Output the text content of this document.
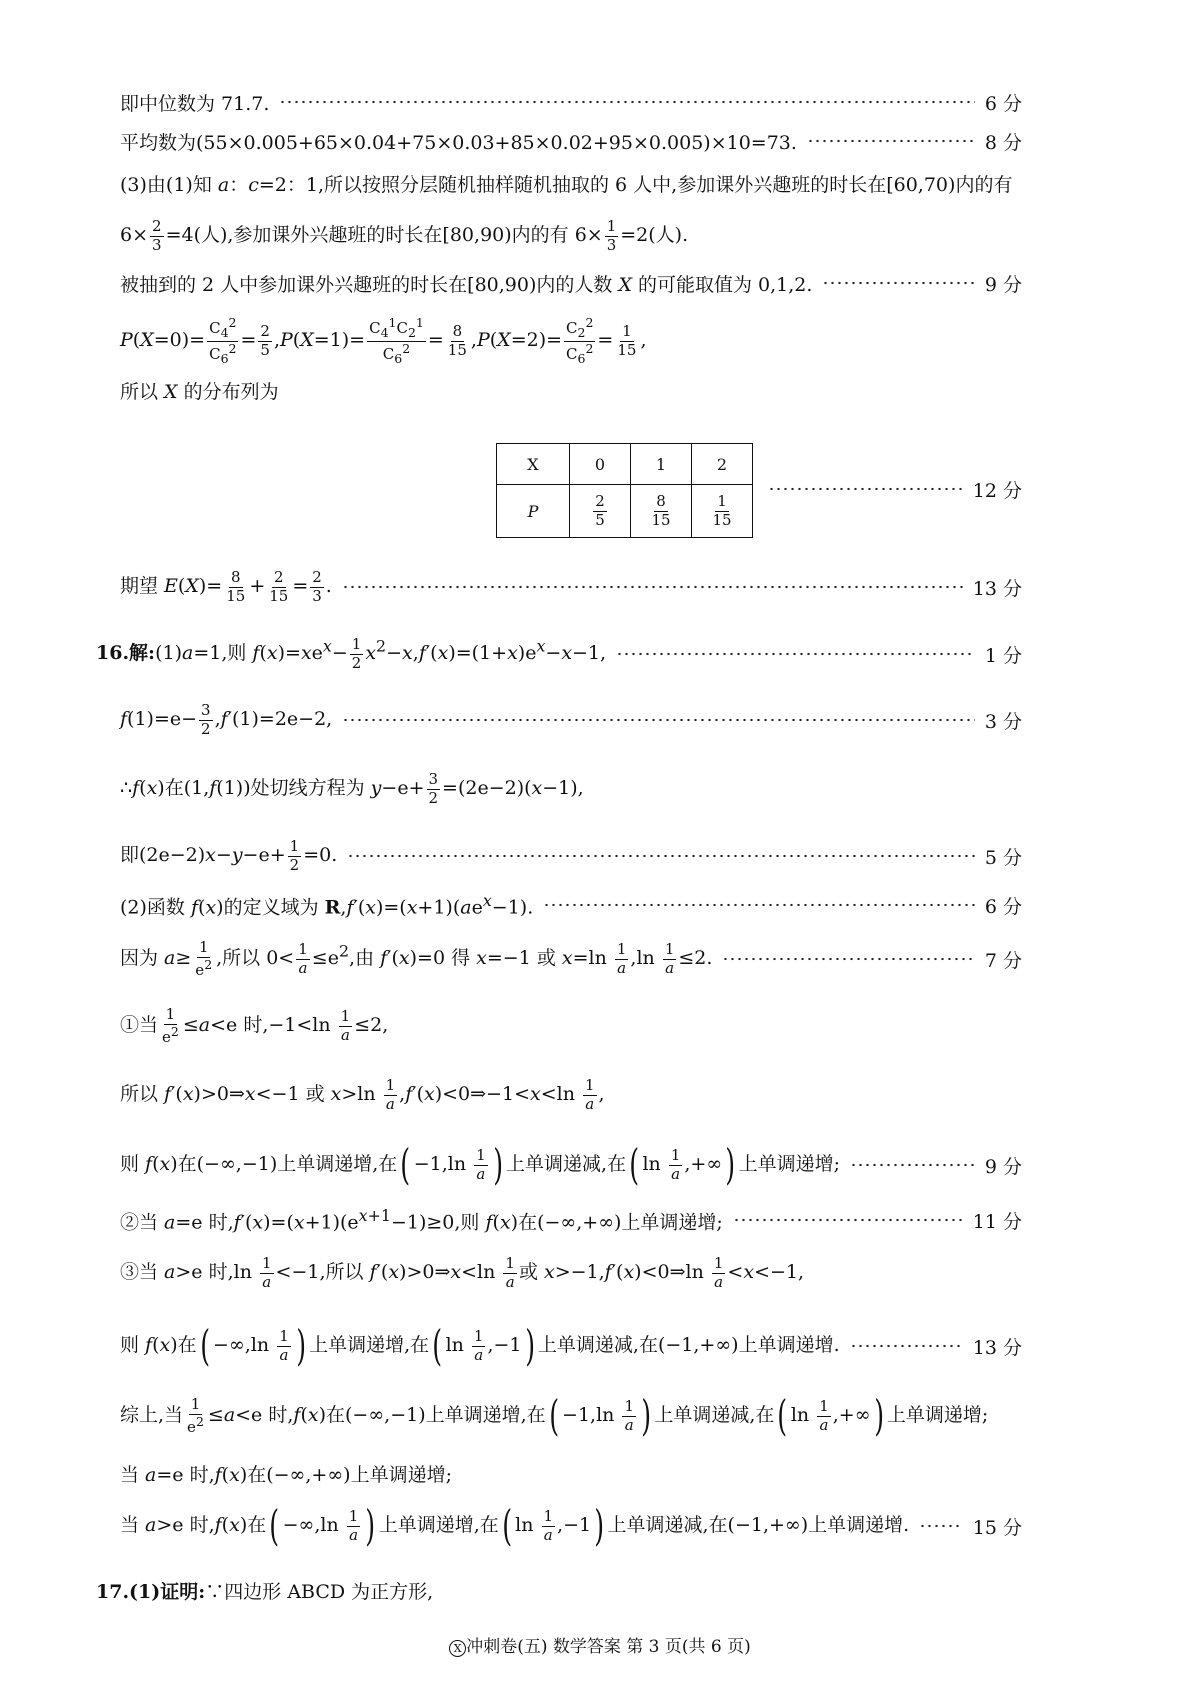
即中位数为 71.7.	6 分
平均数为(55×0.005+65×0.04+75×0.03+85×0.02+95×0.005)×10=73.	8 分
(3)由(1)知 a：c=2：1,所以按照分层随机抽样随机抽取的 6 人中,参加课外兴趣班的时长在[60,70)内的有
$6\times \frac{2}{3} =4$(人),参加课外兴趣班的时长在[80,90)内的有 $6\times \frac{1}{3} =2$(人).
被抽到的 2 人中参加课外兴趣班的时长在[80,90)内的人数 X 的可能取值为 0,1,2.	9 分
$P(X=0)= \frac{C_4^2}{C_6^2} = \frac{2}{5} ,P(X=1)= \frac{C_4^1C_2^1}{C_6^2} = \frac{8}{15} ,P(X=2)= \frac{C_2^2}{C_6^2} = \frac{1}{15}$ ,
所以 X 的分布列为
X	0	1	2
P	$\frac{2}{5}$	$\frac{8}{15}$	$\frac{1}{15}$
12 分
期望 $E(X)= \frac{8}{15} + \frac{2}{15} = \frac{2}{3}$ .	13 分
16.解:(1)a=1,则 $f(x)=xe^x- \frac{1}{2} x^2-x,f'(x)=(1+x)e^x-x-1$,	1 分
$f(1)=e- \frac{3}{2} ,f'(1)=2e-2$,	3 分
∴f(x)在(1,f(1))处切线方程为 $y-e+ \frac{3}{2} =(2e-2)(x-1)$,
即$(2e-2)x-y-e+ \frac{1}{2} =0$.	5 分
(2)函数 f(x)的定义域为 $R,f'(x)=(x+1)(ae^x-1)$.	6 分
因为 $a\ge \frac{1}{e^2}$ ,所以 $0< \frac{1}{a} \le e^2$,由 f′(x)=0 得 x=−1 或 $x=\ln \frac{1}{a} ,\ln \frac{1}{a} \le 2$.	7 分
①当 $\frac{1}{e^2} \le a<e$ 时$,-1<\ln \frac{1}{a} \le 2$,
所以 f′(x)>0⇒x<−1 或 $x>\ln \frac{1}{a}$ ,f′(x)<0⇒−1<x<ln $\frac{1}{a}$ ,
则 f(x)在(−∞,−1)上单调递增,在( $-1,\ln \frac{1}{a}$ ) 上单调递减,在( $\ln \frac{1}{a}$ ,+∞) 上单调递增;	9 分
②当 a=e 时$,f'(x)=(x+1)(e^{x+1}-1)\ge 0$,则 f(x)在(−∞,+∞)上单调递增;	11 分
③当 a>e 时$,\ln \frac{1}{a} <-1$,所以 f′(x)>0⇒x<ln $\frac{1}{a}$ 或 x>−1,f′(x)<0⇒ln $\frac{1}{a} <x<-1$,
则 f(x)在( $-\infty,\ln \frac{1}{a}$ ) 上单调递增,在( $\ln \frac{1}{a} ,-1$) 上单调递减,在(−1,+∞)上单调递增.	13 分
综上,当 $\frac{1}{e^2} \le a<e$ 时,f(x)在(−∞,−1)上单调递增,在( $-1,\ln \frac{1}{a}$ ) 上单调递减,在( $\ln \frac{1}{a}$ ,+∞) 上单调递增;
当 a=e 时,f(x)在(−∞,+∞)上单调递增;
当 a>e 时,f(x)在( $-\infty,\ln \frac{1}{a}$ ) 上单调递增,在( $\ln \frac{1}{a} ,-1$) 上单调递减,在(−1,+∞)上单调递增.	15 分
17.(1)证明:∵四边形 ABCD 为正方形,
X 冲刺卷(五) 数学答案 第 3 页(共 6 页)
